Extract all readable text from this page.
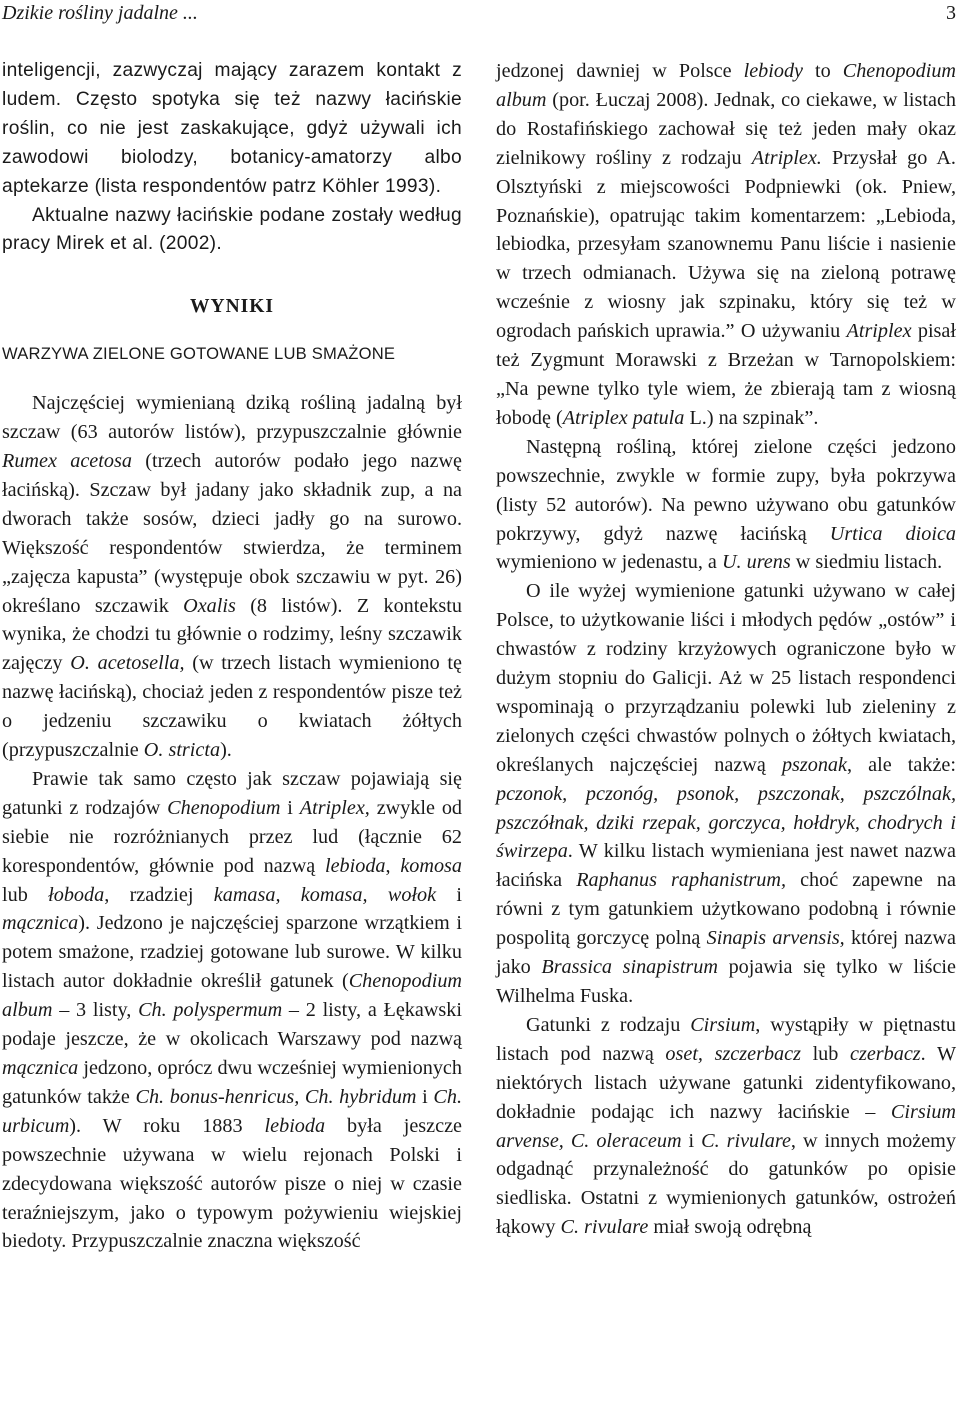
Dzikie rośliny jadalne ...	3

inteligencji, zazwyczaj mający zarazem kontakt z ludem. Często spotyka się też nazwy łacińskie roślin, co nie jest zaskakujące, gdyż używali ich zawodowi biolodzy, botanicy-amatorzy albo aptekarze (lista respondentów patrz Köhler 1993).

Aktualne nazwy łacińskie podane zostały według pracy Mirek et al. (2002).

WYNIKI
WARZYWA ZIELONE GOTOWANE LUB SMAŻONE

Najczęściej wymienianą dziką rośliną jadalną był szczaw (63 autorów listów), przypuszczalnie głównie Rumex acetosa (trzech autorów podało jego nazwę łacińską). Szczaw był jadany jako składnik zup, a na dworach także sosów, dzieci jadły go na surowo. Większość respondentów stwierdza, że terminem „zajęcza kapusta” (występuje obok szczawiu w pyt. 26) określano szczawik Oxalis (8 listów). Z kontekstu wynika, że chodzi tu głównie o rodzimy, leśny szczawik zajęczy O. acetosella, (w trzech listach wymieniono tę nazwę łacińską), chociaż jeden z respondentów pisze też o jedzeniu szczawiku o kwiatach żółtych (przypuszczalnie O. stricta).

Prawie tak samo często jak szczaw pojawiają się gatunki z rodzajów Chenopodium i Atriplex, zwykle od siebie nie rozróżnianych przez lud (łącznie 62 korespondentów, głównie pod nazwą lebioda, komosa lub łoboda, rzadziej kamasa, komasa, wołok i mącznica). Jedzono je najczęściej sparzone wrzątkiem i potem smażone, rzadziej gotowane lub surowe. W kilku listach autor dokładnie określił gatunek (Chenopodium album – 3 listy, Ch. polyspermum – 2 listy, a Łękawski podaje jeszcze, że w okolicach Warszawy pod nazwą mącznica jedzono, oprócz dwu wcześniej wymienionych gatunków także Ch. bonus-henricus, Ch. hybridum i Ch. urbicum). W roku 1883 lebioda była jeszcze powszechnie używana w wielu rejonach Polski i zdecydowana większość autorów pisze o niej w czasie teraźniejszym, jako o typowym pożywieniu wiejskiej biedoty. Przypuszczalnie znaczna większość

jedzonej dawniej w Polsce lebiody to Chenopodium album (por. Łuczaj 2008). Jednak, co ciekawe, w listach do Rostafińskiego zachował się też jeden mały okaz zielnikowy rośliny z rodzaju Atriplex. Przysłał go A. Olsztyński z miejscowości Podpniewki (ok. Pniew, Poznańskie), opatrując takim komentarzem: „Lebioda, lebiodka, przesyłam szanownemu Panu liście i nasienie w trzech odmianach. Używa się na zieloną potrawę wcześnie z wiosny jak szpinaku, który się też w ogrodach pańskich uprawia.” O używaniu Atriplex pisał też Zygmunt Morawski z Brzeżan w Tarnopolskiem: „Na pewne tylko tyle wiem, że zbierają tam z wiosną łobodę (Atriplex patula L.) na szpinak”.

Następną rośliną, której zielone części jedzono powszechnie, zwykle w formie zupy, była pokrzywa (listy 52 autorów). Na pewno używano obu gatunków pokrzywy, gdyż nazwę łacińską Urtica dioica wymieniono w jedenastu, a U. urens w siedmiu listach.

O ile wyżej wymienione gatunki używano w całej Polsce, to użytkowanie liści i młodych pędów „ostów” i chwastów z rodziny krzyżowych ograniczone było w dużym stopniu do Galicji. Aż w 25 listach respondenci wspominają o przyrządzaniu polewki lub zieleniny z zielonych części chwastów polnych o żółtych kwiatach, określanych najczęściej nazwą pszonak, ale także: pczonok, pczonóg, psonok, pszczonak, pszczólnak, pszczółnak, dziki rzepak, gorczyca, hołdryk, chodrych i świrzepa. W kilku listach wymieniana jest nawet nazwa łacińska Raphanus raphanistrum, choć zapewne na równi z tym gatunkiem użytkowano podobną i równie pospolitą gorczycę polną Sinapis arvensis, której nazwa jako Brassica sinapistrum pojawia się tylko w liście Wilhelma Fuska.

Gatunki z rodzaju Cirsium, wystąpiły w piętnastu listach pod nazwą oset, szczerbacz lub czerbacz. W niektórych listach używane gatunki zidentyfikowano, dokładnie podając ich nazwy łacińskie – Cirsium arvense, C. oleraceum i C. rivulare, w innych możemy odgadnąć przynależność do gatunków po opisie siedliska. Ostatni z wymienionych gatunków, ostrożeń łąkowy C. rivulare miał swoją odrębną
